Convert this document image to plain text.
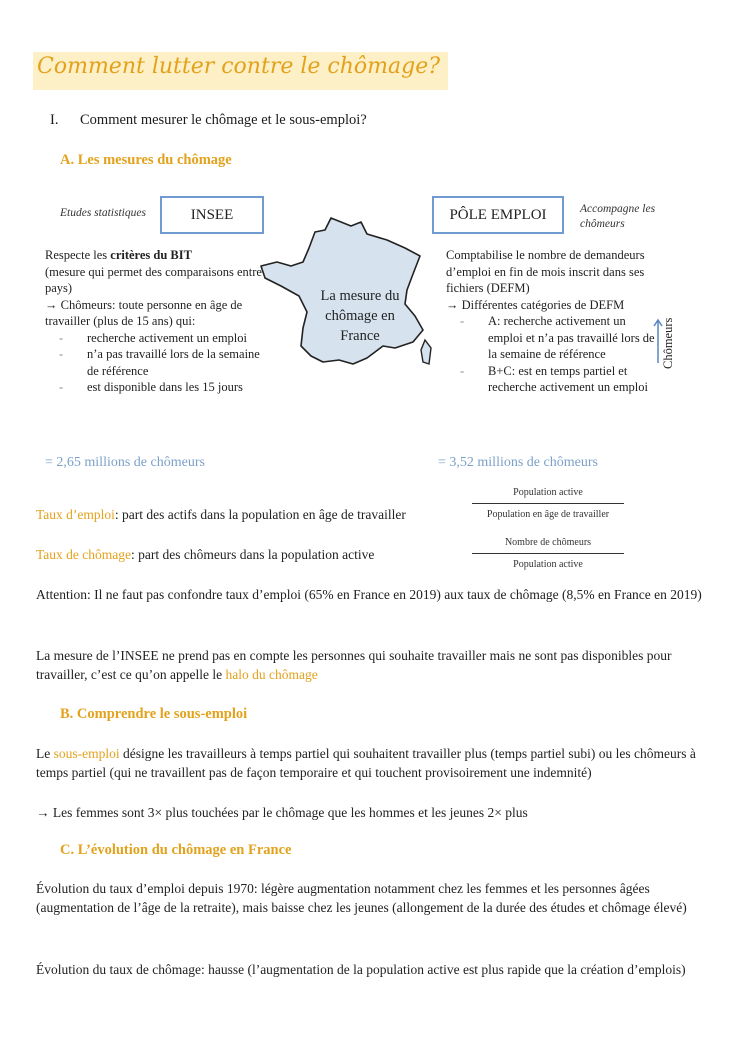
Comment lutter contre le chômage?
I. Comment mesurer le chômage et le sous-emploi?
A. Les mesures du chômage
Etudes statistiques	INSEE
Respecte les critères du BIT
(mesure qui permet des comparaisons entre pays)
→ Chômeurs: toute personne en âge de travailler (plus de 15 ans) qui:
- recherche activement un emploi
- n’a pas travaillé lors de la semaine de référence
- est disponible dans les 15 jours
= 2,65 millions de chômeurs
La mesure du chômage en France
PÔLE EMPLOI	Accompagne les chômeurs
Comptabilise le nombre de demandeurs d’emploi en fin de mois inscrit dans ses fichiers (DEFM)
→ Différentes catégories de DEFM
- A: recherche activement un emploi et n’a pas travaillé lors de la semaine de référence
- B+C: est en temps partiel et recherche activement un emploi
Chômeurs
= 3,52 millions de chômeurs
Taux d’emploi: part des actifs dans la population en âge de travailler
Population active
Population en âge de travailler
Taux de chômage: part des chômeurs dans la population active
Nombre de chômeurs
Population active
Attention: Il ne faut pas confondre taux d’emploi (65% en France en 2019) aux taux de chômage (8,5% en France en 2019)
La mesure de l’INSEE ne prend pas en compte les personnes qui souhaite travailler mais ne sont pas disponibles pour travailler, c’est ce qu’on appelle le halo du chômage
B. Comprendre le sous-emploi
Le sous-emploi désigne les travailleurs à temps partiel qui souhaitent travailler plus (temps partiel subi) ou les chômeurs à temps partiel (qui ne travaillent pas de façon temporaire et qui touchent provisoirement une indemnité)
→ Les femmes sont 3× plus touchées par le chômage que les hommes et les jeunes 2× plus
C. L’évolution du chômage en France
Évolution du taux d’emploi depuis 1970: légère augmentation notamment chez les femmes et les personnes âgées (augmentation de l’âge de la retraite), mais baisse chez les jeunes (allongement de la durée des études et chômage élevé)
Évolution du taux de chômage: hausse (l’augmentation de la population active est plus rapide que la création d’emplois)
